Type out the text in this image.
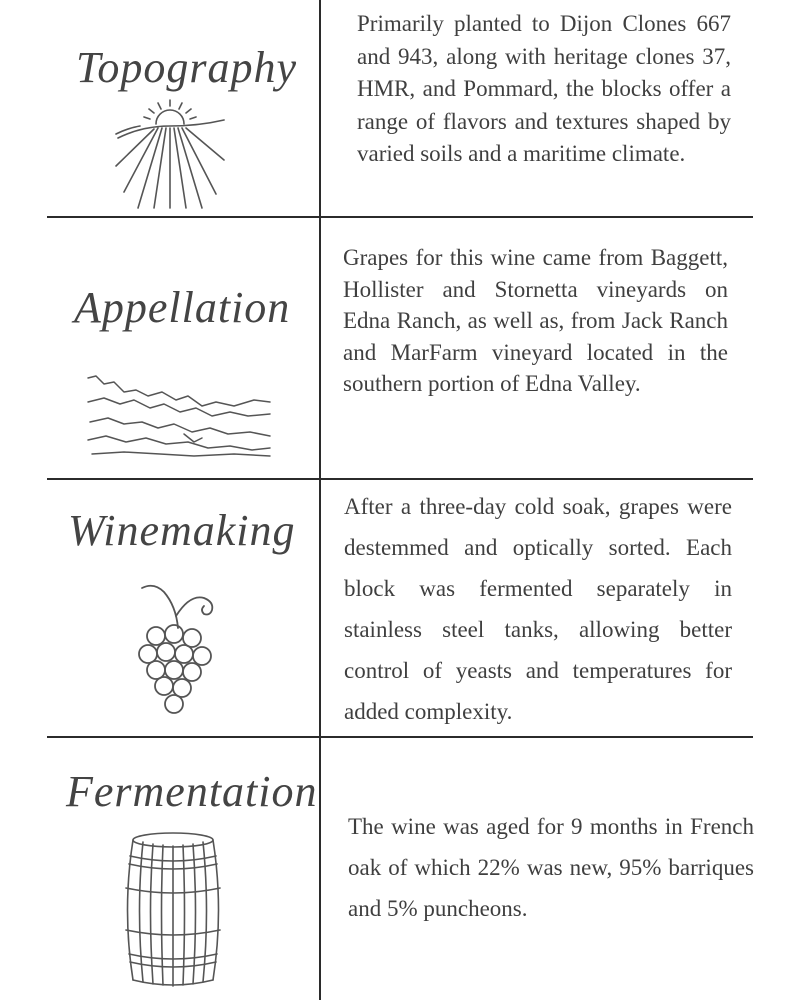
Topography

Primarily planted to Dijon Clones 667 and 943, along with heritage clones 37, HMR, and Pommard, the blocks offer a range of flavors and textures shaped by varied soils and a maritime climate.

Appellation

Grapes for this wine came from Baggett, Hollister and Stornetta vineyards on Edna Ranch, as well as, from Jack Ranch and MarFarm vineyard located in the southern portion of Edna Valley.

Winemaking After a three-day cold soak, grapes were destemmed and optically sorted. Each block was fermented separately in stainless steel tanks, allowing better control of yeasts and temperatures for added complexity.

Fermentation

The wine was aged for 9 months in French oak of which 22% was new, 95% barriques and 5% puncheons.
